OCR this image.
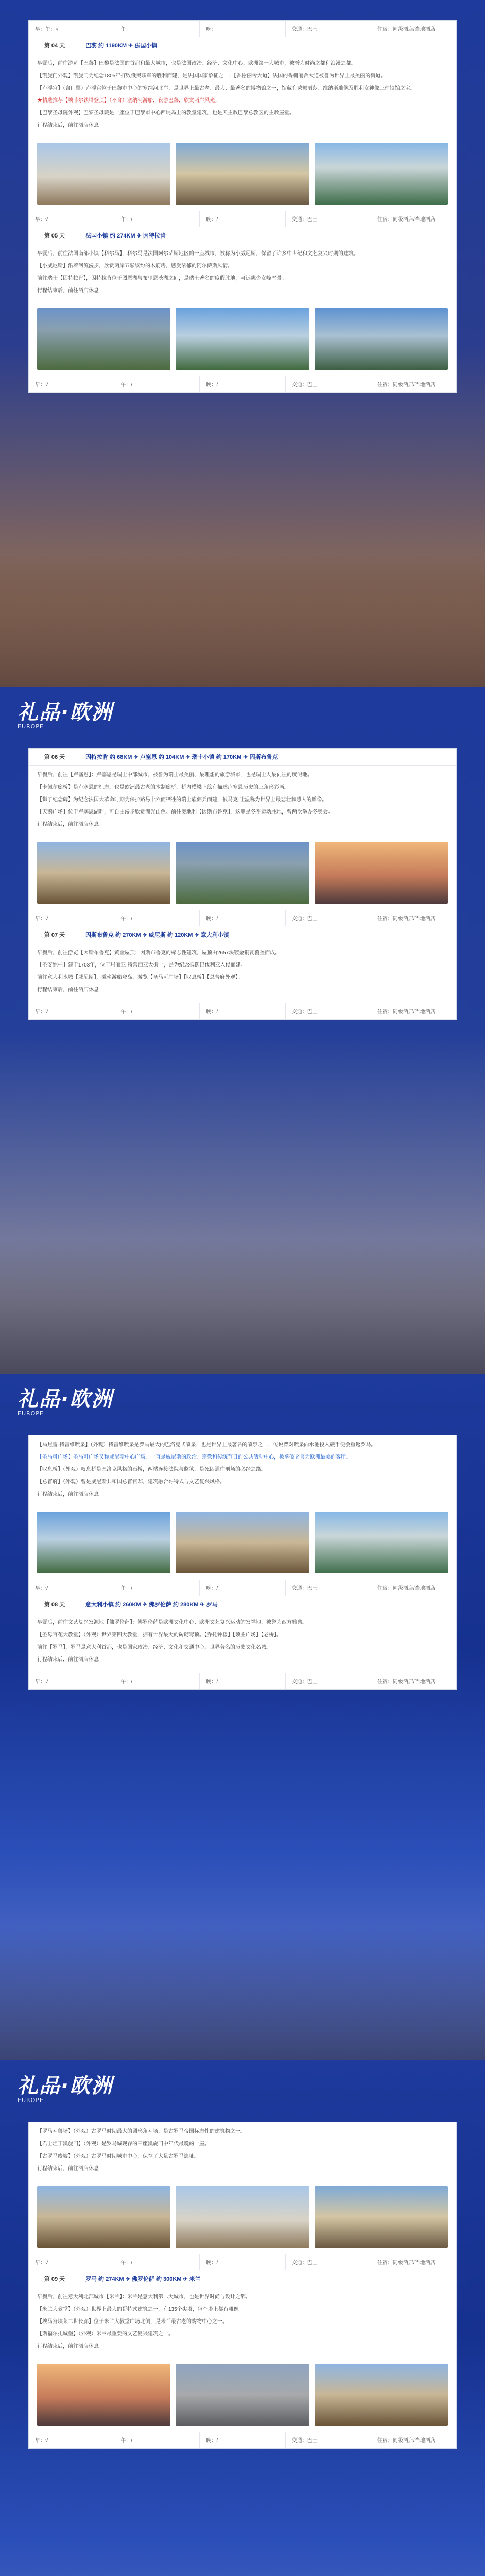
早：午：√	午：	晚：	交通：巴士	住宿：同级酒店/当地酒店
第 04 天	巴黎 约 1190KM ✈ 法国小镇

早餐后，前往游览【巴黎】巴黎是法国的首都和最大城市，也是法国政治、经济、文化中心，欧洲第一大城市，被誉为时尚之都和浪漫之都。

【凯旋门外观】凯旋门为纪念1805年打败俄奥联军的胜利而建，是法国国家象征之一；【香榭丽舍大道】法国的香榭丽舍大道被誉为世界上最美丽的街道。

【卢浮宫】（含门票）卢浮宫位于巴黎市中心的塞纳河北岸，是世界上最古老、最大、最著名的博物馆之一，馆藏有蒙娜丽莎、维纳斯雕像及胜利女神像三件镇馆之宝。

★精选推荐【埃菲尔铁塔登顶】（不含）塞纳河游船，夜游巴黎，欣赏两岸风光。

【巴黎圣母院外观】巴黎圣母院是一座位于巴黎市中心西堤岛上的教堂建筑，也是天主教巴黎总教区的主教座堂。

行程结束后，前往酒店休息

早：√	午：/	晚：/	交通：巴士	住宿：同级酒店/当地酒店
第 05 天	法国小镇 约 274KM ✈ 因特拉肯

早餐后，前往法国南部小镇【科尔马】，科尔马是法国阿尔萨斯地区的一座城市，被称为小威尼斯，保留了许多中世纪和文艺复兴时期的建筑。

【小威尼斯】沿着河流漫步，欣赏两岸五彩缤纷的木筋房，感受浓郁的阿尔萨斯风情。

前往瑞士【因特拉肯】，因特拉肯位于图恩湖与布里恩茨湖之间，是瑞士著名的度假胜地，可远眺少女峰雪景。

行程结束后，前往酒店休息

早：√	午：/	晚：/	交通：巴士	住宿：同级酒店/当地酒店
礼品·欧洲
EUROPE
第 06 天	因特拉肯 约 68KM ✈ 卢塞恩 约 104KM ✈ 瑞士小镇 约 170KM ✈ 因斯布鲁克

早餐后，前往【卢塞恩】：卢塞恩是瑞士中部城市，被誉为瑞士最美丽、最理想的旅游城市，也是瑞士人最向往的度假地。

【卡佩尔廊桥】是卢塞恩的标志，也是欧洲最古老的木制廊桥，桥内横梁上绘有描述卢塞恩历史的三角形彩画。

【狮子纪念碑】为纪念法国大革命时期为保护路易十六而牺牲的瑞士雇佣兵而建，被马克·吐温称为世界上最悲壮和感人的雕像。

【天鹅广场】位于卢塞恩湖畔，可自由漫步欣赏湖光山色。前往奥地利【因斯布鲁克】，这里是冬季运动胜地，曾两次举办冬奥会。

行程结束后，前往酒店休息

早：√	午：/	晚：/	交通：巴士	住宿：同级酒店/当地酒店
第 07 天	因斯布鲁克 约 270KM ✈ 威尼斯 约 120KM ✈ 意大利小镇

早餐后，前往游览【因斯布鲁克】黄金屋顶：因斯布鲁克的标志性建筑，屋顶由2657块镀金铜瓦覆盖而成。

【圣安妮柱】建于1703年，位于玛丽亚·特蕾西亚大街上，是为纪念抵御巴伐利亚入侵而建。

前往意大利水城【威尼斯】，乘坐游船登岛，游览【圣马可广场】【叹息桥】【总督府外观】。

行程结束后，前往酒店休息

早：√	午：/	晚：/	交通：巴士	住宿：同级酒店/当地酒店
礼品·欧洲
EUROPE

【马焦雷·特雷维喷泉】（外观）特雷维喷泉是罗马最大的巴洛克式喷泉，也是世界上最著名的喷泉之一，传说背对喷泉向水池投入硬币便会重返罗马。

【圣马可广场】圣马可广场又称威尼斯中心广场，一直是威尼斯的政治、宗教和传统节日的公共活动中心，被拿破仑誉为欧洲最美的客厅。

【叹息桥】（外观）叹息桥是巴洛克风格的石桥，两端连接法院与监狱，是死囚通往刑场的必经之路。

【总督府】（外观）曾是威尼斯共和国总督官邸，建筑融合哥特式与文艺复兴风格。

行程结束后，前往酒店休息

早：√	午：/	晚：/	交通：巴士	住宿：同级酒店/当地酒店
第 08 天	意大利小镇 约 260KM ✈ 佛罗伦萨 约 280KM ✈ 罗马

早餐后，前往文艺复兴发源地【佛罗伦萨】：佛罗伦萨是欧洲文化中心、欧洲文艺复兴运动的发祥地，被誉为西方雅典。

【圣母百花大教堂】（外观）世界第四大教堂，拥有世界最大的砖砌穹顶。【乔托钟楼】【领主广场】【老桥】。

前往【罗马】，罗马是意大利首都，也是国家政治、经济、文化和交通中心，世界著名的历史文化名城。

行程结束后，前往酒店休息

早：√	午：/	晚：/	交通：巴士	住宿：同级酒店/当地酒店
礼品·欧洲
EUROPE

【罗马斗兽场】（外观）古罗马时期最大的圆形角斗场，是古罗马帝国标志性的建筑物之一。

【君士坦丁凯旋门】（外观）是罗马城现存的三座凯旋门中年代最晚的一座。

【古罗马废墟】（外观）古罗马时期城市中心，保存了大量古罗马遗址。

行程结束后，前往酒店休息

早：√	午：/	晚：/	交通：巴士	住宿：同级酒店/当地酒店
第 09 天	罗马 约 274KM ✈ 佛罗伦萨 约 300KM ✈ 米兰

早餐后，前往意大利北部城市【米兰】：米兰是意大利第二大城市，也是世界时尚与设计之都。

【米兰大教堂】（外观）世界上最大的哥特式建筑之一，有135个尖塔，每个塔上都有雕像。

【埃马努埃莱二世长廊】位于米兰大教堂广场北侧，是米兰最古老的购物中心之一。

【斯福尔扎城堡】（外观）米兰最重要的文艺复兴建筑之一。

行程结束后，前往酒店休息

早：√	午：/	晚：/	交通：巴士	住宿：同级酒店/当地酒店
